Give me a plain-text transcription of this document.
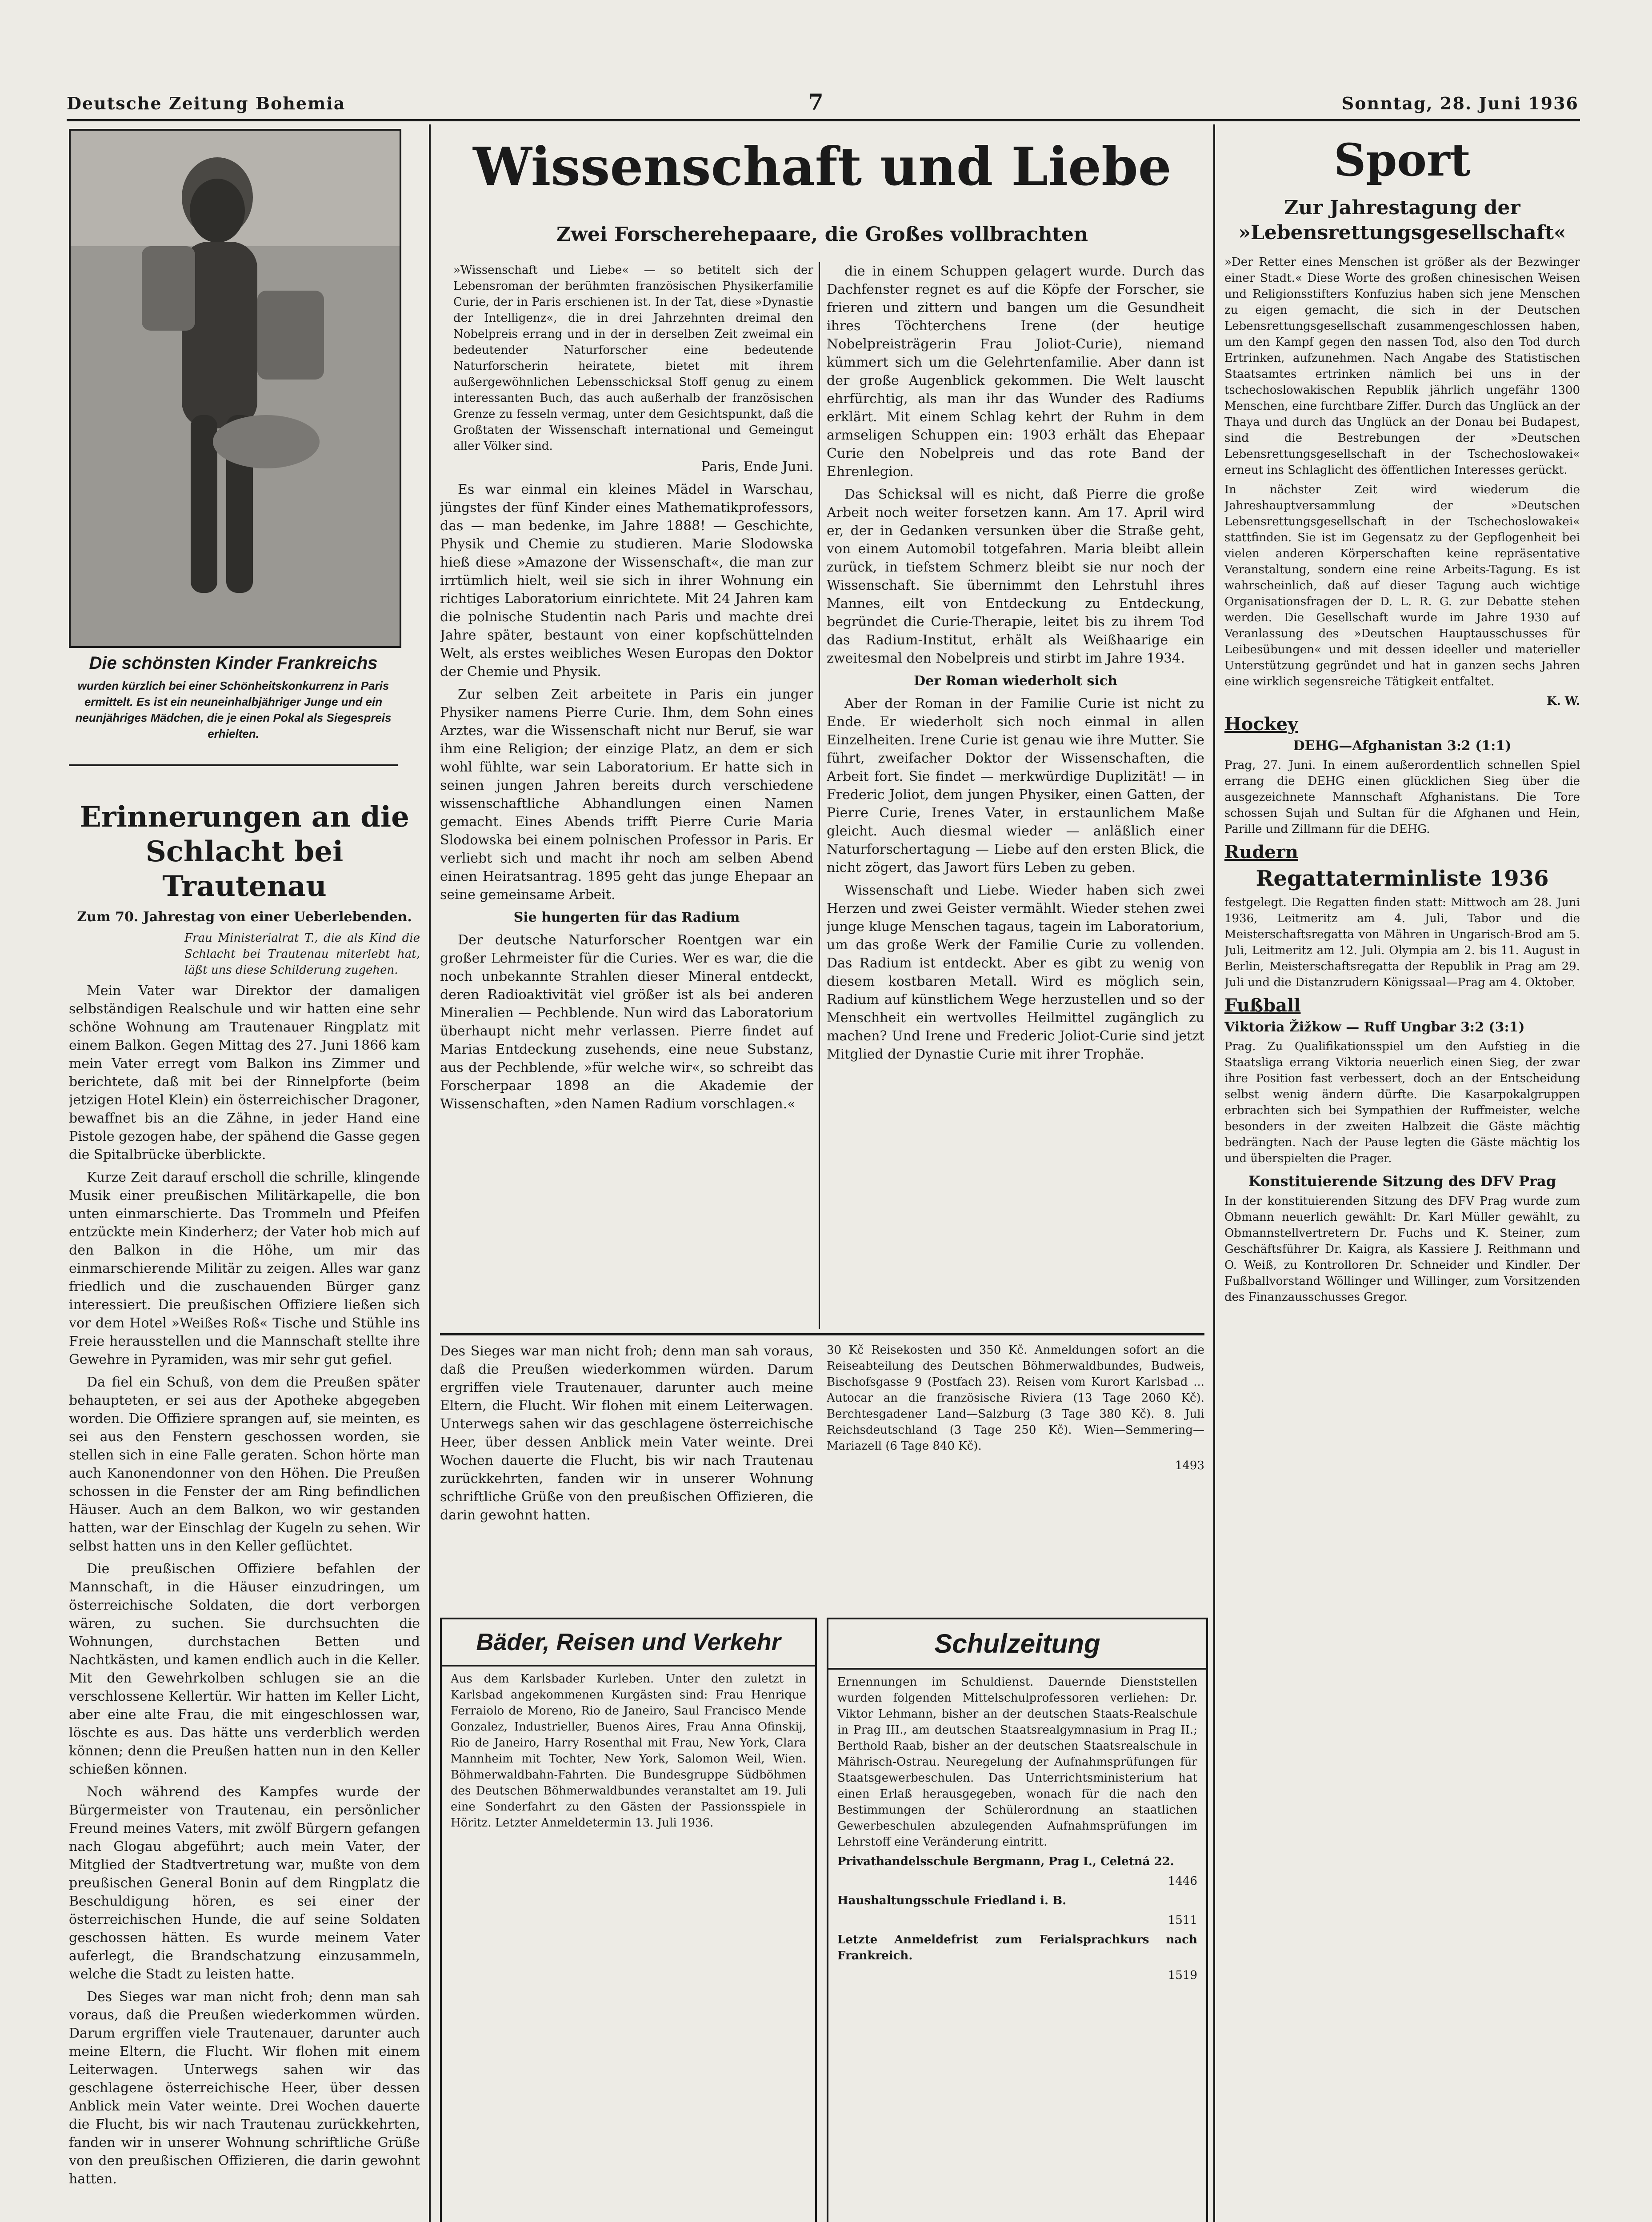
Deutsche Zeitung Bohemia	7	Sonntag, 28. Juni 1936
Die schönsten Kinder Frankreichs
wurden kürzlich bei einer Schönheitskonkurrenz in Paris ermittelt. Es ist ein neuneinhalbjähriger Junge und ein neunjähriges Mädchen, die je einen Pokal als Siegespreis erhielten.
Erinnerungen an die Schlacht bei Trautenau
Zum 70. Jahrestag von einer Ueberlebenden.

Frau Ministerialrat T., die als Kind die Schlacht bei Trautenau miterlebt hat, läßt uns diese Schilderung zugehen.

Mein Vater war Direktor der damaligen selbständigen Realschule und wir hatten eine sehr schöne Wohnung am Trautenauer Ringplatz mit einem Balkon. Gegen Mittag des 27. Juni 1866 kam mein Vater erregt vom Balkon ins Zimmer und berichtete, daß mit bei der Rinnelpforte (beim jetzigen Hotel Klein) ein österreichischer Dragoner, bewaffnet bis an die Zähne, in jeder Hand eine Pistole gezogen habe, der spähend die Gasse gegen die Spitalbrücke überblickte.

Kurze Zeit darauf erscholl die schrille, klingende Musik einer preußischen Militärkapelle, die bon unten einmarschierte. Das Trommeln und Pfeifen entzückte mein Kinderherz; der Vater hob mich auf den Balkon in die Höhe, um mir das einmarschierende Militär zu zeigen. Alles war ganz friedlich und die zuschauenden Bürger ganz interessiert. Die preußischen Offiziere ließen sich vor dem Hotel »Weißes Roß« Tische und Stühle ins Freie herausstellen und die Mannschaft stellte ihre Gewehre in Pyramiden, was mir sehr gut gefiel.

Da fiel ein Schuß, von dem die Preußen später behaupteten, er sei aus der Apotheke abgegeben worden. Die Offiziere sprangen auf, sie meinten, es sei aus den Fenstern geschossen worden, sie stellen sich in eine Falle geraten. Schon hörte man auch Kanonendonner von den Höhen. Die Preußen schossen in die Fenster der am Ring befindlichen Häuser. Auch an dem Balkon, wo wir gestanden hatten, war der Einschlag der Kugeln zu sehen. Wir selbst hatten uns in den Keller geflüchtet.

Die preußischen Offiziere befahlen der Mannschaft, in die Häuser einzudringen, um österreichische Soldaten, die dort verborgen wären, zu suchen. Sie durchsuchten die Wohnungen, durchstachen Betten und Nachtkästen, und kamen endlich auch in die Keller. Mit den Gewehrkolben schlugen sie an die verschlossene Kellertür. Wir hatten im Keller Licht, aber eine alte Frau, die mit eingeschlossen war, löschte es aus. Das hätte uns verderblich werden können; denn die Preußen hatten nun in den Keller schießen können.

Noch während des Kampfes wurde der Bürgermeister von Trautenau, ein persönlicher Freund meines Vaters, mit zwölf Bürgern gefangen nach Glogau abgeführt; auch mein Vater, der Mitglied der Stadtvertretung war, mußte von dem preußischen General Bonin auf dem Ringplatz die Beschuldigung hören, es sei einer der österreichischen Hunde, die auf seine Soldaten geschossen hätten. Es wurde meinem Vater auferlegt, die Brandschatzung einzusammeln, welche die Stadt zu leisten hatte.

Des Sieges war man nicht froh; denn man sah voraus, daß die Preußen wiederkommen würden. Darum ergriffen viele Trautenauer, darunter auch meine Eltern, die Flucht. Wir flohen mit einem Leiterwagen. Unterwegs sahen wir das geschlagene österreichische Heer, über dessen Anblick mein Vater weinte. Drei Wochen dauerte die Flucht, bis wir nach Trautenau zurückkehrten, fanden wir in unserer Wohnung schriftliche Grüße von den preußischen Offizieren, die darin gewohnt hatten.

Wissenschaft und Liebe
Zwei Forscherehepaare, die Großes vollbrachten

»Wissenschaft und Liebe« — so betitelt sich der Lebensroman der berühmten französischen Physikerfamilie Curie, der in Paris erschienen ist. In der Tat, diese »Dynastie der Intelligenz«, die in drei Jahrzehnten dreimal den Nobelpreis errang und in der in derselben Zeit zweimal ein bedeutender Naturforscher eine bedeutende Naturforscherin heiratete, bietet mit ihrem außergewöhnlichen Lebensschicksal Stoff genug zu einem interessanten Buch, das auch außerhalb der französischen Grenze zu fesseln vermag, unter dem Gesichtspunkt, daß die Großtaten der Wissenschaft international und Gemeingut aller Völker sind.

Paris, Ende Juni.

Es war einmal ein kleines Mädel in Warschau, jüngstes der fünf Kinder eines Mathematikprofessors, das — man bedenke, im Jahre 1888! — Geschichte, Physik und Chemie zu studieren. Marie Slodowska hieß diese »Amazone der Wissenschaft«, die man zur irrtümlich hielt, weil sie sich in ihrer Wohnung ein richtiges Laboratorium einrichtete. Mit 24 Jahren kam die polnische Studentin nach Paris und machte drei Jahre später, bestaunt von einer kopfschüttelnden Welt, als erstes weibliches Wesen Europas den Doktor der Chemie und Physik.

Zur selben Zeit arbeitete in Paris ein junger Physiker namens Pierre Curie. Ihm, dem Sohn eines Arztes, war die Wissenschaft nicht nur Beruf, sie war ihm eine Religion; der einzige Platz, an dem er sich wohl fühlte, war sein Laboratorium. Er hatte sich in seinen jungen Jahren bereits durch verschiedene wissenschaftliche Abhandlungen einen Namen gemacht. Eines Abends trifft Pierre Curie Maria Slodowska bei einem polnischen Professor in Paris. Er verliebt sich und macht ihr noch am selben Abend einen Heiratsantrag. 1895 geht das junge Ehepaar an seine gemeinsame Arbeit.

Sie hungerten für das Radium

Der deutsche Naturforscher Roentgen war ein großer Lehrmeister für die Curies. Wer es war, die die noch unbekannte Strahlen dieser Mineral entdeckt, deren Radioaktivität viel größer ist als bei anderen Mineralien — Pechblende. Nun wird das Laboratorium überhaupt nicht mehr verlassen. Pierre findet auf Marias Entdeckung zusehends, eine neue Substanz, aus der Pechblende, »für welche wir«, so schreibt das Forscherpaar 1898 an die Akademie der Wissenschaften, »den Namen Radium vorschlagen.«

die in einem Schuppen gelagert wurde. Durch das Dachfenster regnet es auf die Köpfe der Forscher, sie frieren und zittern und bangen um die Gesundheit ihres Töchterchens Irene (der heutige Nobelpreisträgerin Frau Joliot-Curie), niemand kümmert sich um die Gelehrtenfamilie. Aber dann ist der große Augenblick gekommen. Die Welt lauscht ehrfürchtig, als man ihr das Wunder des Radiums erklärt. Mit einem Schlag kehrt der Ruhm in dem armseligen Schuppen ein: 1903 erhält das Ehepaar Curie den Nobelpreis und das rote Band der Ehrenlegion.

Das Schicksal will es nicht, daß Pierre die große Arbeit noch weiter forsetzen kann. Am 17. April wird er, der in Gedanken versunken über die Straße geht, von einem Automobil totgefahren. Maria bleibt allein zurück, in tiefstem Schmerz bleibt sie nur noch der Wissenschaft. Sie übernimmt den Lehrstuhl ihres Mannes, eilt von Entdeckung zu Entdeckung, begründet die Curie-Therapie, leitet bis zu ihrem Tod das Radium-Institut, erhält als Weißhaarige ein zweitesmal den Nobelpreis und stirbt im Jahre 1934.

Der Roman wiederholt sich

Aber der Roman in der Familie Curie ist nicht zu Ende. Er wiederholt sich noch einmal in allen Einzelheiten. Irene Curie ist genau wie ihre Mutter. Sie führt, zweifacher Doktor der Wissenschaften, die Arbeit fort. Sie findet — merkwürdige Duplizität! — in Frederic Joliot, dem jungen Physiker, einen Gatten, der Pierre Curie, Irenes Vater, in erstaunlichem Maße gleicht. Auch diesmal wieder — anläßlich einer Naturforschertagung — Liebe auf den ersten Blick, die nicht zögert, das Jawort fürs Leben zu geben.

Wissenschaft und Liebe. Wieder haben sich zwei Herzen und zwei Geister vermählt. Wieder stehen zwei junge kluge Menschen tagaus, tagein im Laboratorium, um das große Werk der Familie Curie zu vollenden. Das Radium ist entdeckt. Aber es gibt zu wenig von diesem kostbaren Metall. Wird es möglich sein, Radium auf künstlichem Wege herzustellen und so der Menschheit ein wertvolles Heilmittel zugänglich zu machen? Und Irene und Frederic Joliot-Curie sind jetzt Mitglied der Dynastie Curie mit ihrer Trophäe.

Des Sieges war man nicht froh; denn man sah voraus, daß die Preußen wiederkommen würden. Darum ergriffen viele Trautenauer, darunter auch meine Eltern, die Flucht. Wir flohen mit einem Leiterwagen. Unterwegs sahen wir das geschlagene österreichische Heer, über dessen Anblick mein Vater weinte. Drei Wochen dauerte die Flucht, bis wir nach Trautenau zurückkehrten, fanden wir in unserer Wohnung schriftliche Grüße von den preußischen Offizieren, die darin gewohnt hatten.

30 Kč Reisekosten und 350 Kč. Anmeldungen sofort an die Reiseabteilung des Deutschen Böhmerwaldbundes, Budweis, Bischofsgasse 9 (Postfach 23). Reisen vom Kurort Karlsbad ... Autocar an die französische Riviera (13 Tage 2060 Kč). Berchtesgadener Land—Salzburg (3 Tage 380 Kč). 8. Juli Reichsdeutschland (3 Tage 250 Kč). Wien—Semmering—Mariazell (6 Tage 840 Kč).

1493

Bäder, Reisen und Verkehr

Aus dem Karlsbader Kurleben. Unter den zuletzt in Karlsbad angekommenen Kurgästen sind: Frau Henrique Ferraiolo de Moreno, Rio de Janeiro, Saul Francisco Mende Gonzalez, Industrieller, Buenos Aires, Frau Anna Ofinskij, Rio de Janeiro, Harry Rosenthal mit Frau, New York, Clara Mannheim mit Tochter, New York, Salomon Weil, Wien. Böhmerwaldbahn-Fahrten. Die Bundesgruppe Südböhmen des Deutschen Böhmerwaldbundes veranstaltet am 19. Juli eine Sonderfahrt zu den Gästen der Passionsspiele in Höritz. Letzter Anmeldetermin 13. Juli 1936.

Schulzeitung

Ernennungen im Schuldienst. Dauernde Dienststellen wurden folgenden Mittelschulprofessoren verliehen: Dr. Viktor Lehmann, bisher an der deutschen Staats-Realschule in Prag III., am deutschen Staatsrealgymnasium in Prag II.; Berthold Raab, bisher an der deutschen Staatsrealschule in Mährisch-Ostrau. Neuregelung der Aufnahmsprüfungen für Staatsgewerbeschulen. Das Unterrichtsministerium hat einen Erlaß herausgegeben, wonach für die nach den Bestimmungen der Schülerordnung an staatlichen Gewerbeschulen abzulegenden Aufnahmsprüfungen im Lehrstoff eine Veränderung eintritt.

Privathandelsschule Bergmann, Prag I., Celetná 22.

1446

Haushaltungsschule Friedland i. B.

1511

Letzte Anmeldefrist zum Ferialsprachkurs nach Frankreich.

1519

Sport
Zur Jahrestagung der »Lebensrettungsgesellschaft«

»Der Retter eines Menschen ist größer als der Bezwinger einer Stadt.« Diese Worte des großen chinesischen Weisen und Religionsstifters Konfuzius haben sich jene Menschen zu eigen gemacht, die sich in der Deutschen Lebensrettungsgesellschaft zusammengeschlossen haben, um den Kampf gegen den nassen Tod, also den Tod durch Ertrinken, aufzunehmen. Nach Angabe des Statistischen Staatsamtes ertrinken nämlich bei uns in der tschechoslowakischen Republik jährlich ungefähr 1300 Menschen, eine furchtbare Ziffer. Durch das Unglück an der Thaya und durch das Unglück an der Donau bei Budapest, sind die Bestrebungen der »Deutschen Lebensrettungsgesellschaft in der Tschechoslowakei« erneut ins Schlaglicht des öffentlichen Interesses gerückt.

In nächster Zeit wird wiederum die Jahreshauptversammlung der »Deutschen Lebensrettungsgesellschaft in der Tschechoslowakei« stattfinden. Sie ist im Gegensatz zu der Gepflogenheit bei vielen anderen Körperschaften keine repräsentative Veranstaltung, sondern eine reine Arbeits-Tagung. Es ist wahrscheinlich, daß auf dieser Tagung auch wichtige Organisationsfragen der D. L. R. G. zur Debatte stehen werden. Die Gesellschaft wurde im Jahre 1930 auf Veranlassung des »Deutschen Hauptausschusses für Leibesübungen« und mit dessen ideeller und materieller Unterstützung gegründet und hat in ganzen sechs Jahren eine wirklich segensreiche Tätigkeit entfaltet.

K. W.

Hockey
DEHG—Afghanistan 3:2 (1:1)

Prag, 27. Juni. In einem außerordentlich schnellen Spiel errang die DEHG einen glücklichen Sieg über die ausgezeichnete Mannschaft Afghanistans. Die Tore schossen Sujah und Sultan für die Afghanen und Hein, Parille und Zillmann für die DEHG.

Rudern
Regattaterminliste 1936

festgelegt. Die Regatten finden statt: Mittwoch am 28. Juni 1936, Leitmeritz am 4. Juli, Tabor und die Meisterschaftsregatta von Mähren in Ungarisch-Brod am 5. Juli, Leitmeritz am 12. Juli. Olympia am 2. bis 11. August in Berlin, Meisterschaftsregatta der Republik in Prag am 29. Juli und die Distanzrudern Königssaal—Prag am 4. Oktober.

Fußball
Viktoria Žižkow — Ruff Ungbar 3:2 (3:1)

Prag. Zu Qualifikationsspiel um den Aufstieg in die Staatsliga errang Viktoria neuerlich einen Sieg, der zwar ihre Position fast verbessert, doch an der Entscheidung selbst wenig ändern dürfte. Die Kasarpokalgruppen erbrachten sich bei Sympathien der Ruffmeister, welche besonders in der zweiten Halbzeit die Gäste mächtig bedrängten. Nach der Pause legten die Gäste mächtig los und überspielten die Prager.

Konstituierende Sitzung des DFV Prag

In der konstituierenden Sitzung des DFV Prag wurde zum Obmann neuerlich gewählt: Dr. Karl Müller gewählt, zu Obmannstellvertretern Dr. Fuchs und K. Steiner, zum Geschäftsführer Dr. Kaigra, als Kassiere J. Reithmann und O. Weiß, zu Kontrolloren Dr. Schneider und Kindler. Der Fußballvorstand Wöllinger und Willinger, zum Vorsitzenden des Finanzausschusses Gregor.
